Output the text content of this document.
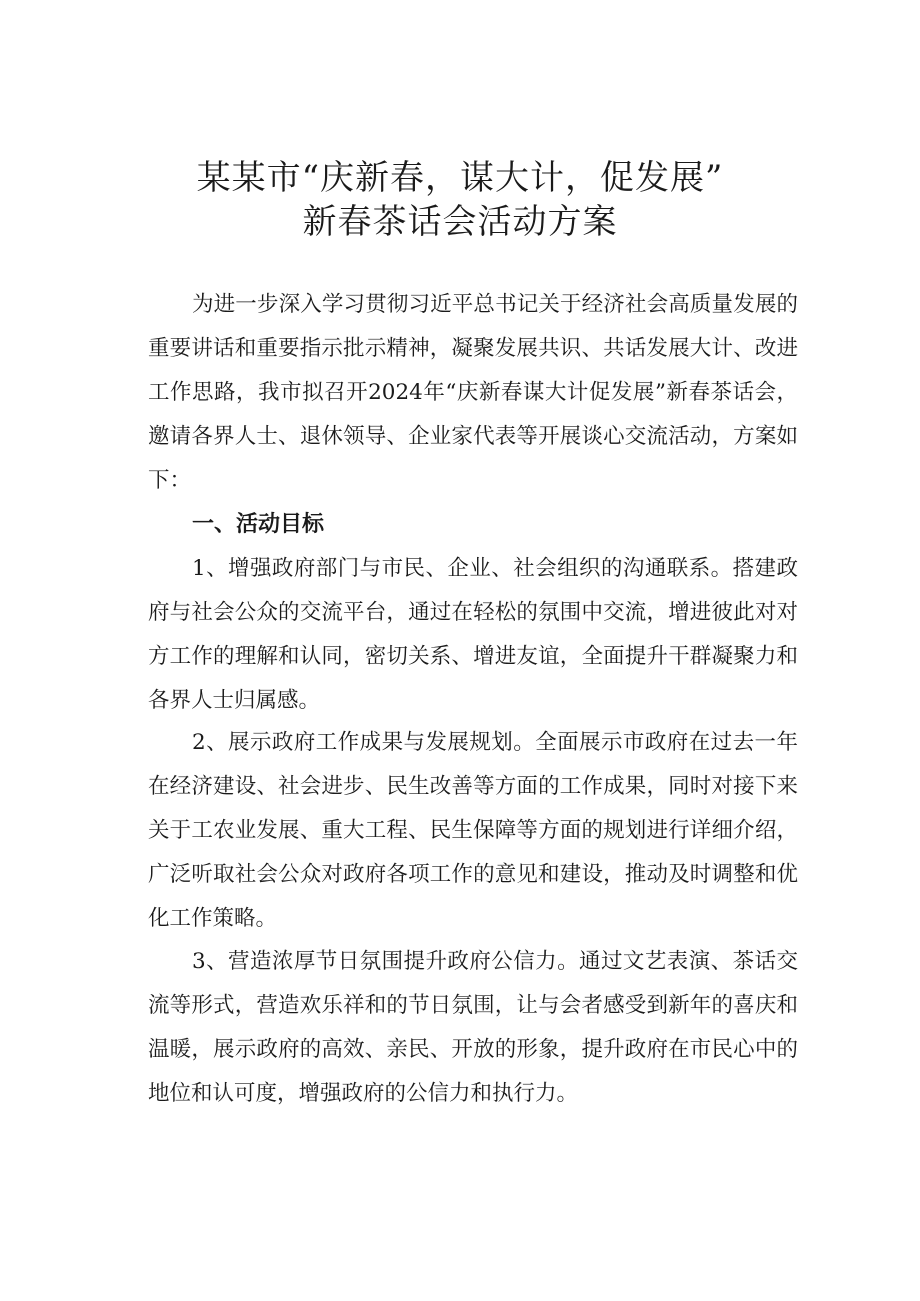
某某市“庆新春，谋大计，促发展”
新春茶话会活动方案

为进一步深入学习贯彻习近平总书记关于经济社会高质量发展的重要讲话和重要指示批示精神，凝聚发展共识、共话发展大计、改进工作思路，我市拟召开2024年“庆新春谋大计促发展”新春茶话会，邀请各界人士、退休领导、企业家代表等开展谈心交流活动，方案如下：

一、活动目标

1、增强政府部门与市民、企业、社会组织的沟通联系。搭建政府与社会公众的交流平台，通过在轻松的氛围中交流，增进彼此对对方工作的理解和认同，密切关系、增进友谊，全面提升干群凝聚力和各界人士归属感。

2、展示政府工作成果与发展规划。全面展示市政府在过去一年在经济建设、社会进步、民生改善等方面的工作成果，同时对接下来关于工农业发展、重大工程、民生保障等方面的规划进行详细介绍，广泛听取社会公众对政府各项工作的意见和建设，推动及时调整和优化工作策略。

3、营造浓厚节日氛围提升政府公信力。通过文艺表演、茶话交流等形式，营造欢乐祥和的节日氛围，让与会者感受到新年的喜庆和温暖，展示政府的高效、亲民、开放的形象，提升政府在市民心中的地位和认可度，增强政府的公信力和执行力。
